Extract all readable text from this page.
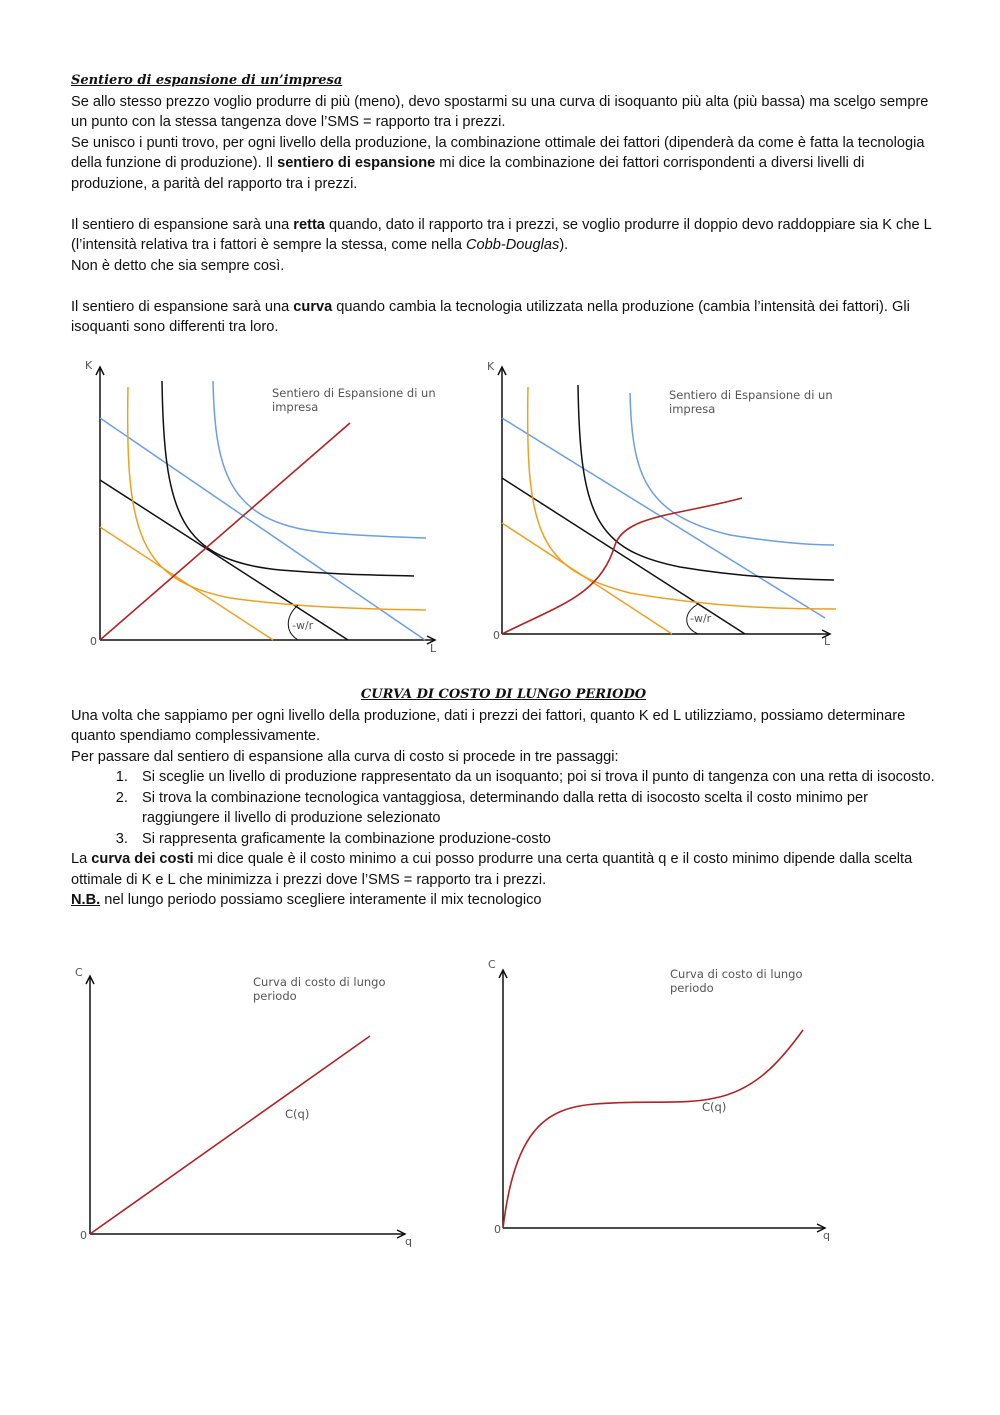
Sentiero di espansione di un’impresa

Se allo stesso prezzo voglio produrre di più (meno), devo spostarmi su una curva di isoquanto più alta (più bassa) ma scelgo sempre un punto con la stessa tangenza dove l’SMS = rapporto tra i prezzi.

Se unisco i punti trovo, per ogni livello della produzione, la combinazione ottimale dei fattori (dipenderà da come è fatta la tecnologia della funzione di produzione). Il sentiero di espansione mi dice la combinazione dei fattori corrispondenti a diversi livelli di produzione, a parità del rapporto tra i prezzi.

Il sentiero di espansione sarà una retta quando, dato il rapporto tra i prezzi, se voglio produrre il doppio devo raddoppiare sia K che L (l’intensità relativa tra i fattori è sempre la stessa, come nella Cobb-Douglas).

Non è detto che sia sempre così.

Il sentiero di espansione sarà una curva quando cambia la tecnologia utilizzata nella produzione (cambia l’intensità dei fattori). Gli isoquanti sono differenti tra loro.

K
L
0
Sentiero di Espansione di un
impresa
-w/r
K
L
0
Sentiero di Espansione di un
impresa
-w/r

CURVA DI COSTO DI LUNGO PERIODO

Una volta che sappiamo per ogni livello della produzione, dati i prezzi dei fattori, quanto K ed L utilizziamo, possiamo determinare quanto spendiamo complessivamente.

Per passare dal sentiero di espansione alla curva di costo si procede in tre passaggi:

1. Si sceglie un livello di produzione rappresentato da un isoquanto; poi si trova il punto di tangenza con una retta di isocosto.
2. Si trova la combinazione tecnologica vantaggiosa, determinando dalla retta di isocosto scelta il costo minimo per raggiungere il livello di produzione selezionato
3. Si rappresenta graficamente la combinazione produzione-costo

La curva dei costi mi dice quale è il costo minimo a cui posso produrre una certa quantità q e il costo minimo dipende dalla scelta ottimale di K e L che minimizza i prezzi dove l’SMS = rapporto tra i prezzi.

N.B. nel lungo periodo possiamo scegliere interamente il mix tecnologico

C
q
0
Curva di costo di lungo
periodo
C(q)
C
q
0
Curva di costo di lungo
periodo
C(q)
